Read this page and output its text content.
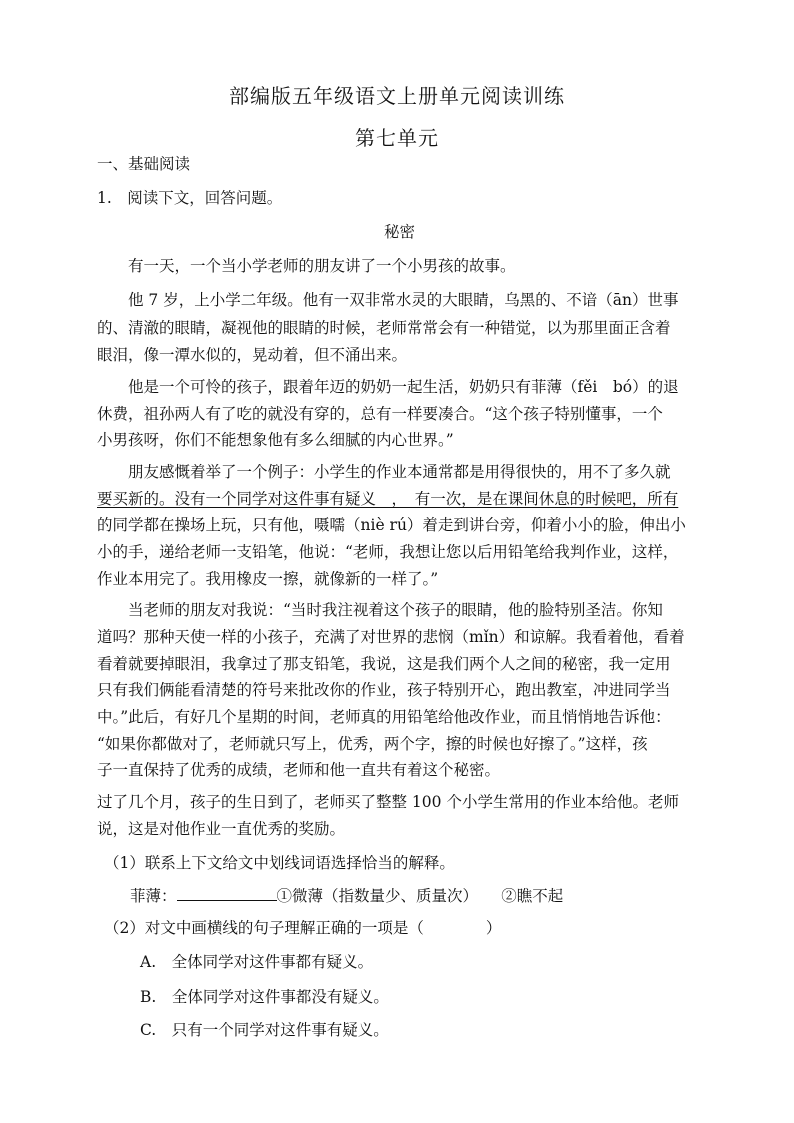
部编版五年级语文上册单元阅读训练
第七单元
一、基础阅读
1.　阅读下文，回答问题。
秘密
　　有一天，一个当小学老师的朋友讲了一个小男孩的故事。
　　他 7 岁，上小学二年级。他有一双非常水灵的大眼睛，乌黑的、不谙（ān）世事
的、清澈的眼睛，凝视他的眼睛的时候，老师常常会有一种错觉，以为那里面正含着
眼泪，像一潭水似的，晃动着，但不涌出来。
　　他是一个可怜的孩子，跟着年迈的奶奶一起生活，奶奶只有菲薄（fěi　bó）的退
休费，祖孙两人有了吃的就没有穿的，总有一样要凑合。“这个孩子特别懂事，一个
小男孩呀，你们不能想象他有多么细腻的内心世界。”
　　朋友感慨着举了一个例子：小学生的作业本通常都是用得很快的，用不了多久就
要买新的。没有一个同学对这件事有疑义　，　有一次，是在课间休息的时候吧，所有
的同学都在操场上玩，只有他，嗫嚅（niè rú）着走到讲台旁，仰着小小的脸，伸出小
小的手，递给老师一支铅笔，他说：“老师，我想让您以后用铅笔给我判作业，这样，
作业本用完了。我用橡皮一擦，就像新的一样了。”
　　当老师的朋友对我说：“当时我注视着这个孩子的眼睛，他的脸特别圣洁。你知
道吗？那种天使一样的小孩子，充满了对世界的悲悯（mǐn）和谅解。我看着他，看着
看着就要掉眼泪，我拿过了那支铅笔，我说，这是我们两个人之间的秘密，我一定用
只有我们俩能看清楚的符号来批改你的作业，孩子特别开心，跑出教室，冲进同学当
中。”此后，有好几个星期的时间，老师真的用铅笔给他改作业，而且悄悄地告诉他：
“如果你都做对了，老师就只写上，优秀，两个字，擦的时候也好擦了。”这样，孩
子一直保持了优秀的成绩，老师和他一直共有着这个秘密。
过了几个月，孩子的生日到了，老师买了整整 100 个小学生常用的作业本给他。老师
说，这是对他作业一直优秀的奖励。
（1）联系上下文给文中划线词语选择恰当的解释。
菲薄：	①微薄（指数量少、质量次）　　②瞧不起
（2）对文中画横线的句子理解正确的一项是（　　　　）
A.　全体同学对这件事都有疑义。
B.　全体同学对这件事都没有疑义。
C.　只有一个同学对这件事有疑义。
